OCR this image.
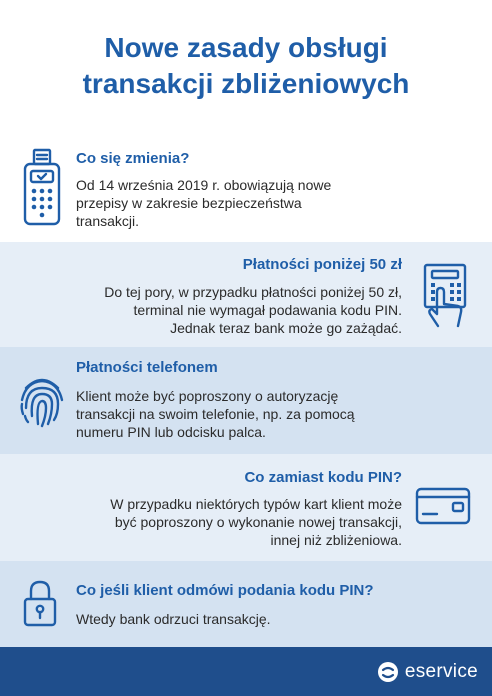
Nowe zasady obsługi
transakcji zbliżeniowych
Co się zmienia?
Od 14 września 2019 r. obowiązują nowe
przepisy w zakresie bezpieczeństwa
transakcji.
Płatności poniżej 50 zł
Do tej pory, w przypadku płatności poniżej 50 zł,
terminal nie wymagał podawania kodu PIN.
Jednak teraz bank może go zażądać.
Płatności telefonem
Klient może być poproszony o autoryzację
transakcji na swoim telefonie, np. za pomocą
numeru PIN lub odcisku palca.
Co zamiast kodu PIN?
W przypadku niektórych typów kart klient może
być poproszony o wykonanie nowej transakcji,
innej niż zbliżeniowa.
Co jeśli klient odmówi podania kodu PIN?
Wtedy bank odrzuci transakcję.
eservice
